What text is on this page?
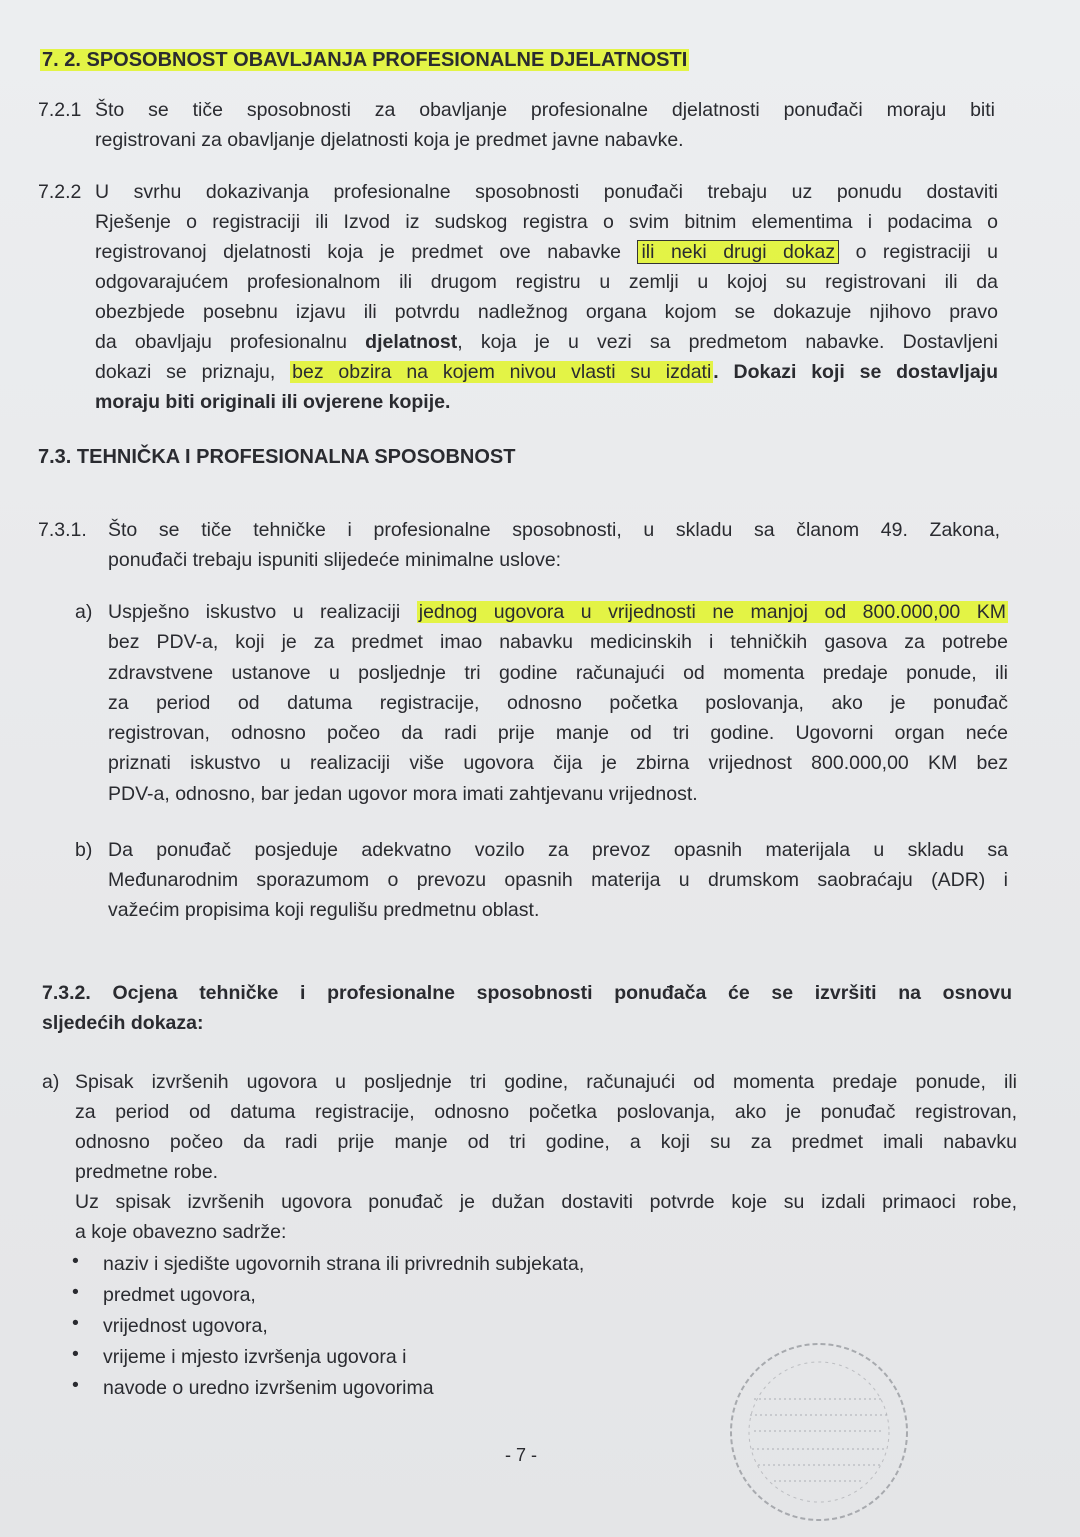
7. 2. SPOSOBNOST OBAVLJANJA PROFESIONALNE DJELATNOSTI
7.2.1 Što se tiče sposobnosti za obavljanje profesionalne djelatnosti ponuđači moraju biti
registrovani za obavljanje djelatnosti koja je predmet javne nabavke.
7.2.2 U svrhu dokazivanja profesionalne sposobnosti ponuđači trebaju uz ponudu dostaviti
Rješenje o registraciji ili Izvod iz sudskog registra o svim bitnim elementima i podacima o
registrovanoj djelatnosti koja je predmet ove nabavke ili neki drugi dokaz o registraciji u
odgovarajućem profesionalnom ili drugom registru u zemlji u kojoj su registrovani ili da
obezbjede posebnu izjavu ili potvrdu nadležnog organa kojom se dokazuje njihovo pravo
da obavljaju profesionalnu djelatnost, koja je u vezi sa predmetom nabavke. Dostavljeni
dokazi se priznaju, bez obzira na kojem nivou vlasti su izdati . Dokazi koji se dostavljaju
moraju biti originali ili ovjerene kopije.
7.3. TEHNIČKA I PROFESIONALNA SPOSOBNOST
7.3.1. Što se tiče tehničke i profesionalne sposobnosti, u skladu sa članom 49. Zakona,
ponuđači trebaju ispuniti slijedeće minimalne uslove:
a) Uspješno iskustvo u realizaciji jednog ugovora u vrijednosti ne manjoj od 800.000,00 KM
bez PDV-a, koji je za predmet imao nabavku medicinskih i tehničkih gasova za potrebe
zdravstvene ustanove u posljednje tri godine računajući od momenta predaje ponude, ili
za period od datuma registracije, odnosno početka poslovanja, ako je ponuđač
registrovan, odnosno počeo da radi prije manje od tri godine. Ugovorni organ neće
priznati iskustvo u realizaciji više ugovora čija je zbirna vrijednost 800.000,00 KM bez
PDV-a, odnosno, bar jedan ugovor mora imati zahtjevanu vrijednost.
b) Da ponuđač posjeduje adekvatno vozilo za prevoz opasnih materijala u skladu sa
Međunarodnim sporazumom o prevozu opasnih materija u drumskom saobraćaju (ADR) i
važećim propisima koji regulišu predmetnu oblast.
7.3.2. Ocjena tehničke i profesionalne sposobnosti ponuđača će se izvršiti na osnovu
sljedećih dokaza:
a) Spisak izvršenih ugovora u posljednje tri godine, računajući od momenta predaje ponude, ili
za period od datuma registracije, odnosno početka poslovanja, ako je ponuđač registrovan,
odnosno počeo da radi prije manje od tri godine, a koji su za predmet imali nabavku
predmetne robe.
Uz spisak izvršenih ugovora ponuđač je dužan dostaviti potvrde koje su izdali primaoci robe,
a koje obavezno sadrže:
• naziv i sjedište ugovornih strana ili privrednih subjekata,
• predmet ugovora,
• vrijednost ugovora,
• vrijeme i mjesto izvršenja ugovora i
• navode o uredno izvršenim ugovorima
- 7 -
